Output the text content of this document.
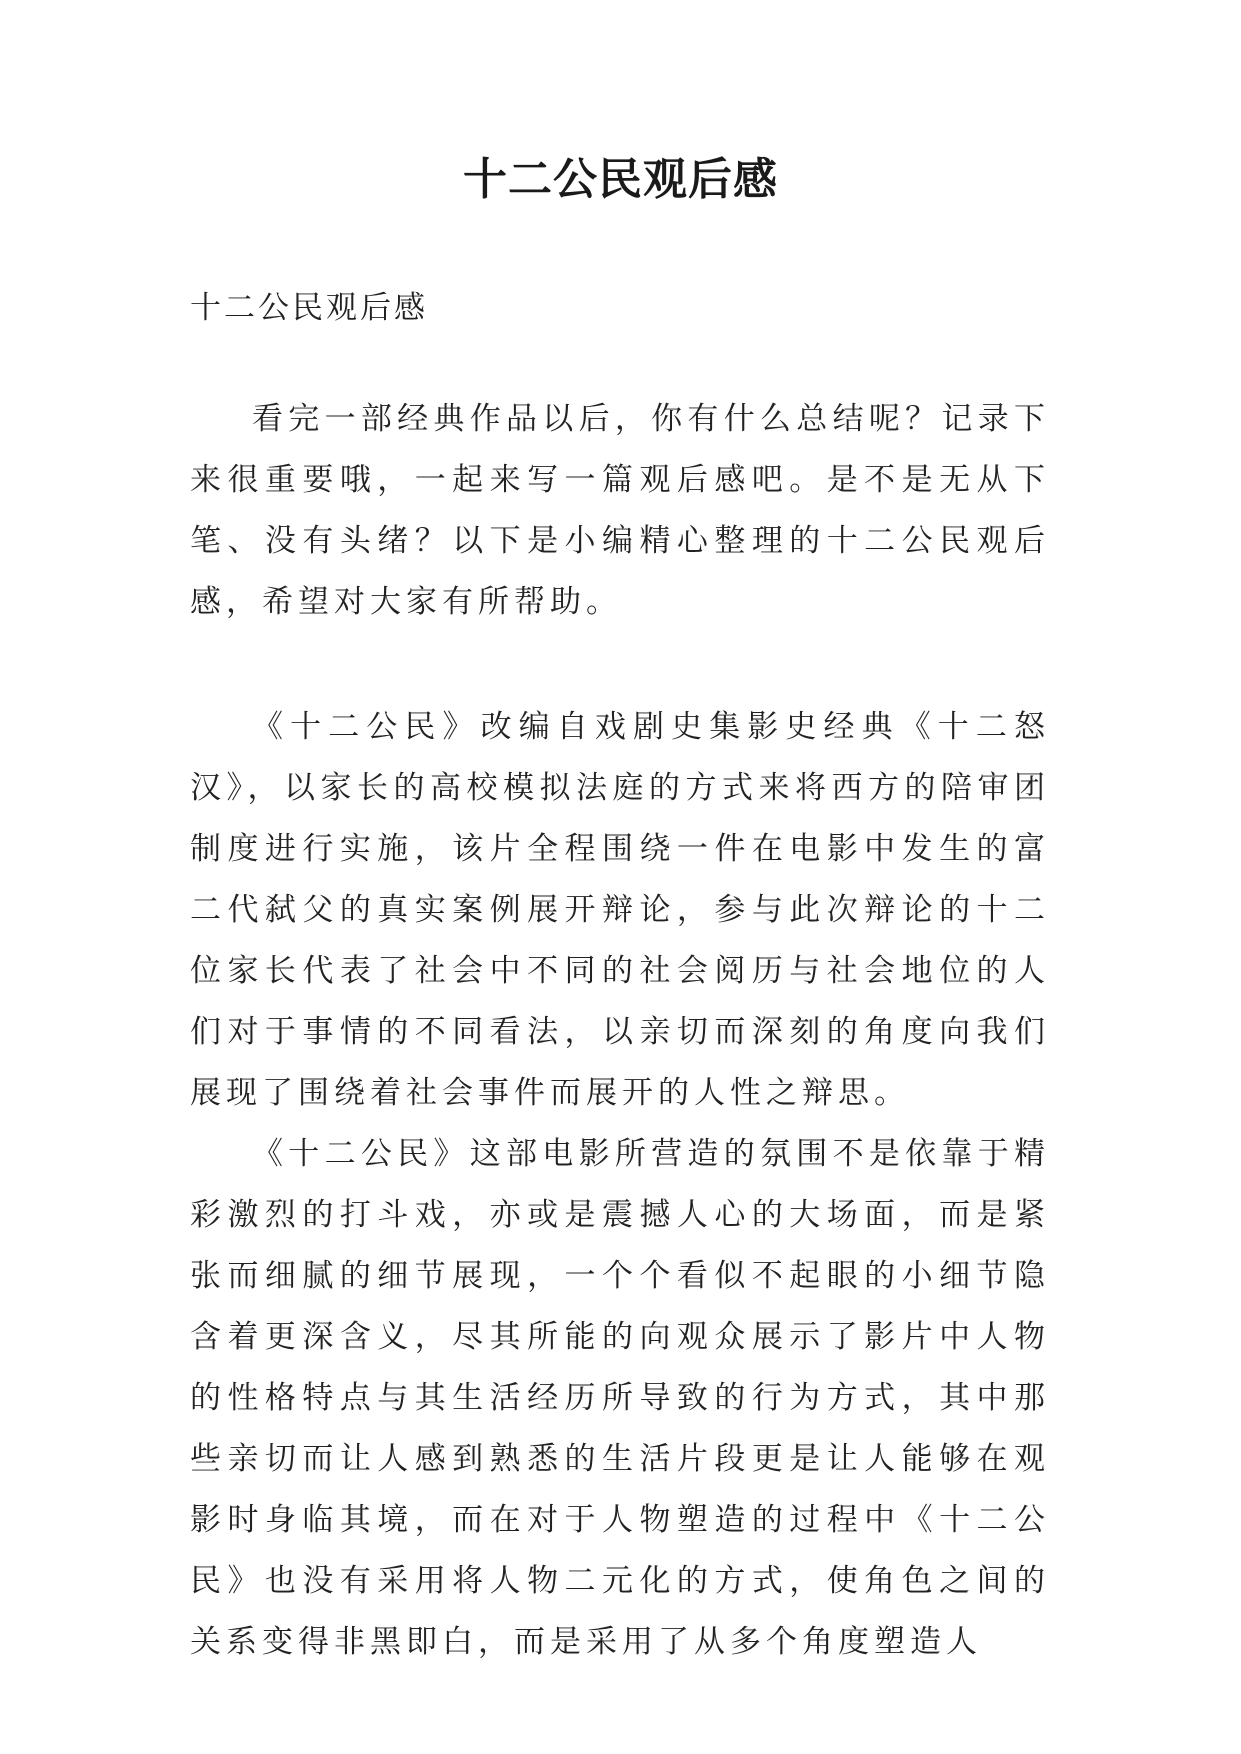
十二公民观后感

十二公民观后感

看完一部经典作品以后，你有什么总结呢？记录下来很重要哦，一起来写一篇观后感吧。是不是无从下笔、没有头绪？以下是小编精心整理的十二公民观后感，希望对大家有所帮助。

《十二公民》改编自戏剧史集影史经典《十二怒汉》，以家长的高校模拟法庭的方式来将西方的陪审团制度进行实施，该片全程围绕一件在电影中发生的富二代弑父的真实案例展开辩论，参与此次辩论的十二位家长代表了社会中不同的社会阅历与社会地位的人们对于事情的不同看法，以亲切而深刻的角度向我们展现了围绕着社会事件而展开的人性之辩思。

《十二公民》这部电影所营造的氛围不是依靠于精彩激烈的打斗戏，亦或是震撼人心的大场面，而是紧张而细腻的细节展现，一个个看似不起眼的小细节隐含着更深含义，尽其所能的向观众展示了影片中人物的性格特点与其生活经历所导致的行为方式，其中那些亲切而让人感到熟悉的生活片段更是让人能够在观影时身临其境，而在对于人物塑造的过程中《十二公民》也没有采用将人物二元化的方式，使角色之间的关系变得非黑即白，而是采用了从多个角度塑造人
